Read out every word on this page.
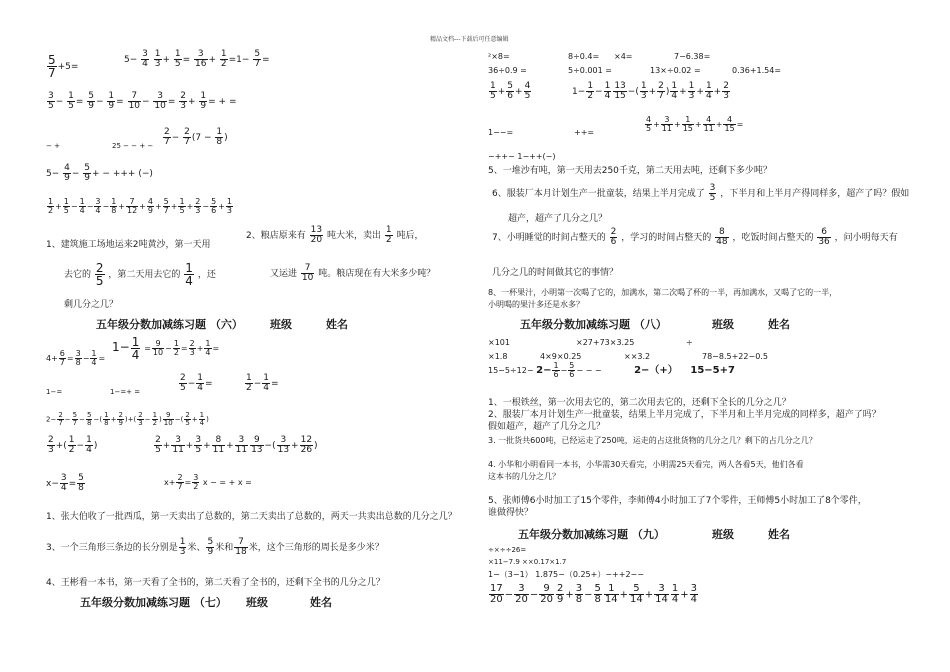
精品文档---下载后可任意编辑
$\frac{5}{7} +5=$
$5- \frac{3}{4}$
$\frac{1}{3} + \frac{1}{5} = \frac{3}{16} + \frac{1}{2} =1- \frac{5}{7}$ =
$\frac{3}{5} - \frac{1}{5} = \frac{5}{9} - \frac{1}{9} = \frac{7}{10} - \frac{3}{10} = \frac{2}{3} + \frac{1}{9}$ = + =
− +	25 − − + − $\frac{2}{7} - \frac{2}{7} (7 - \frac{1}{8}$ )
$5- \frac{4}{9} - \frac{5}{9}$ + − +++ (−)
$\frac{1}{2} + \frac{1}{5} - \frac{1}{4} - \frac{3}{4} - \frac{1}{8} + \frac{7}{12} + \frac{4}{9} + \frac{5}{7} + \frac{1}{5} + \frac{2}{3} - \frac{5}{6} + \frac{1}{3}$
1、建筑施工场地运来2吨黄沙，第一天用
去它的 $\frac{2}{5}$ ，第二天用去它的 $\frac{1}{4}$ ，还
剩几分之几？
2、粮店原来有 $\frac{13}{20}$ 吨大米，卖出 $\frac{1}{2}$ 吨后，
又运进 $\frac{7}{10}$ 吨。粮店现在有大米多少吨？
五年级分数加减练习题 （六） 班级	姓名
$4+ \frac{6}{7} = \frac{3}{8} - \frac{1}{4}$ =
$1- \frac{1}{4} = \frac{9}{10} - \frac{1}{2} = \frac{2}{3} + \frac{1}{4}$ =
1−=	1−=+ =	$\frac{2}{5} - \frac{1}{4}$ =	$\frac{1}{2} - \frac{1}{4}$ =
$2- \frac{2}{7} - \frac{5}{7} - \frac{5}{8}$ −( $\frac{1}{8} + \frac{2}{9}$ )+( $\frac{2}{3} - \frac{1}{2}$ ) $\frac{9}{10}$ −( $\frac{2}{5} + \frac{1}{4}$ )
$\frac{2}{3}$ +( $\frac{1}{2} - \frac{1}{4}$ )	$\frac{2}{5} + \frac{3}{11} + \frac{3}{5} + \frac{8}{11} + \frac{3}{11} \frac{9}{13}$ −( $\frac{3}{13} + \frac{12}{26}$ )
$x- \frac{3}{4} = \frac{5}{8}$	$x+ \frac{2}{7} = \frac{3}{2}$ x − = + x =
1、张大伯收了一批西瓜，第一天卖出了总数的，第二天卖出了总数的，两天一共卖出总数的几分之几？
3、一个三角形三条边的长分别是 $\frac{1}{3}$ 米、 $\frac{5}{9}$ 米和 $\frac{7}{18}$ 米，这个三角形的周长是多少米？
4、王彬看一本书，第一天看了全书的，第二天看了全书的，还剩下全书的几分之几？
五年级分数加减练习题 （七） 班级	姓名
²×8=	8÷0.4= ×4=	7−6.38=
36÷0.9 =	5÷0.001 =	13×÷0.02 =	0.36+1.54=
$\frac{1}{5} + \frac{5}{6} + \frac{4}{5}$	$1- \frac{1}{2} - \frac{1}{4} \frac{13}{15}$ −( $\frac{1}{3} + \frac{2}{7}$ ) $\frac{1}{4} + \frac{1}{3} + \frac{1}{4} + \frac{2}{3}$
1−−=	++=	$\frac{4}{5} + \frac{3}{11} + \frac{1}{15} + \frac{4}{11} + \frac{4}{15}$ =
−++− 1−++(−)
5、一堆沙有吨，第一天用去250千克，第二天用去吨，还剩下多少吨？
6、服装厂本月计划生产一批童装，结果上半月完成了 $\frac{3}{5}$ ，下半月和上半月产得同样多，超产了吗？假如
超产，超产了几分之几？
7、小明睡觉的时间占整天的 $\frac{2}{6}$ ，学习的时间占整天的 $\frac{8}{48}$ ，吃饭时间占整天的 $\frac{6}{36}$ ，问小明每天有
几分之几的时间做其它的事情？
8、一杯果汁，小明第一次喝了它的，加满水，第二次喝了杯的一半，再加满水，又喝了它的一半，
小明喝的果汁多还是水多？
五年级分数加减练习题 （八）	班级	姓名
×101	×27+73×3.25	÷
×1.8	4×9×0.25	××3.2	78−8.5+22−0.5
$15-5\div 12- 2- \frac{1}{6} - \frac{5}{6}$ − − −	2−（+） 15−5+7
1、一根铁丝，第一次用去它的，第二次用去它的，还剩下全长的几分之几？
2、服装厂本月计划生产一批童装，结果上半月完成了，下半月和上半月完成的同样多，超产了吗？
假如超产，超产了几分之几？
3. 一批货共600吨，已经运走了250吨，运走的占这批货物的几分之几？剩下的占几分之几？
4. 小华和小明看同一本书，小华需30天看完，小明需25天看完，两人各看5天，他们各看
这本书的几分之几？
5、张师傅6小时加工了15个零件，李师傅4小时加工了7个零件，王师傅5小时加工了8个零件，
谁做得快？
五年级分数加减练习题 （九）	班级	姓名
÷×÷÷26=
×11−7.9 ××0.17×1.7
1−（3−1） 1.875−（0.25+）−++2−−
$\frac{17}{20} - \frac{3}{20} - \frac{9}{20} \frac{2}{9} + \frac{3}{8} - \frac{5}{8} \frac{1}{14} + \frac{5}{14} + \frac{3}{14} \frac{1}{4} + \frac{3}{4}$
